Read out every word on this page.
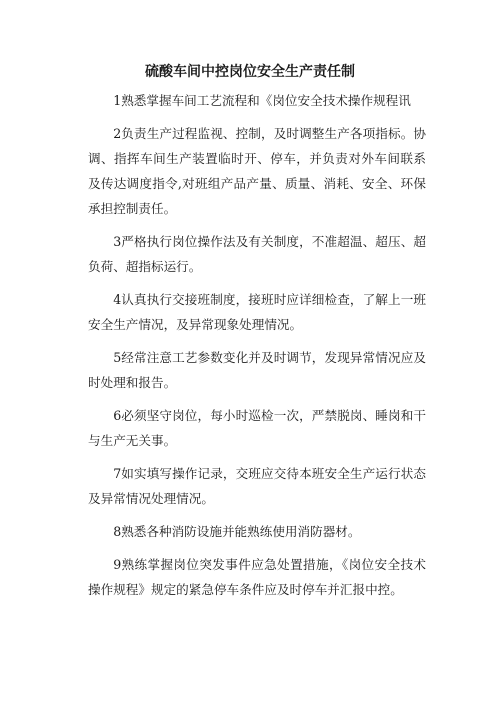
硫酸车间中控岗位安全生产责任制

1熟悉掌握车间工艺流程和《岗位安全技术操作规程讯

2负责生产过程监视、控制，及时调整生产各项指标。协调、指挥车间生产装置临时开、停车，并负责对外车间联系及传达调度指令,对班组产品产量、质量、消耗、安全、环保承担控制责任。

3严格执行岗位操作法及有关制度，不准超温、超压、超负荷、超指标运行。

4认真执行交接班制度，接班时应详细检查，了解上一班安全生产情况，及异常现象处理情况。

5经常注意工艺参数变化并及时调节，发现异常情况应及时处理和报告。

6必须坚守岗位，每小时巡检一次，严禁脱岗、睡岗和干与生产无关事。

7如实填写操作记录，交班应交待本班安全生产运行状态及异常情况处理情况。

8熟悉各种消防设施并能熟练使用消防器材。

9熟练掌握岗位突发事件应急处置措施，《岗位安全技术操作规程》规定的紧急停车条件应及时停车并汇报中控。
